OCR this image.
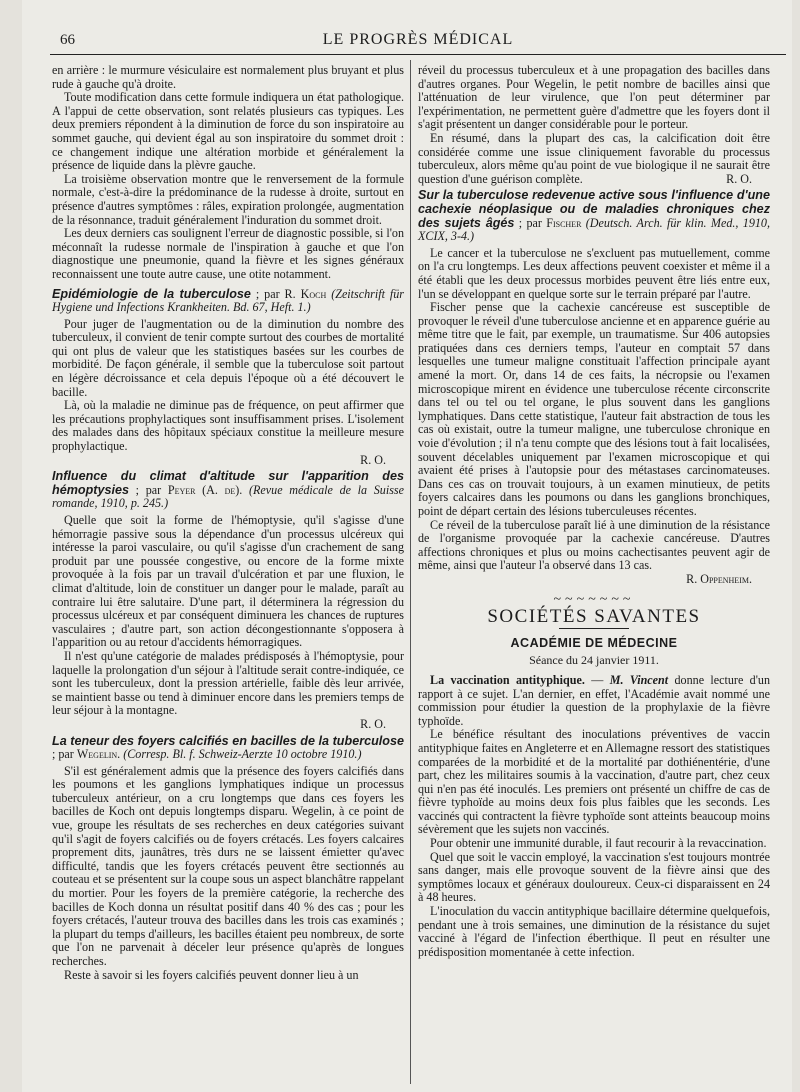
66	LE PROGRÈS MÉDICAL

en arrière : le murmure vésiculaire est normalement plus bruyant et plus rude à gauche qu'à droite.

Toute modification dans cette formule indiquera un état pathologique. A l'appui de cette observation, sont relatés plusieurs cas typiques. Les deux premiers répondent à la diminution de force du son inspiratoire au sommet gauche, qui devient égal au son inspiratoire du sommet droit : ce changement indique une altération morbide et généralement la présence de liquide dans la plèvre gauche.

La troisième observation montre que le renversement de la formule normale, c'est-à-dire la prédominance de la rudesse à droite, surtout en présence d'autres symptômes : râles, expiration prolongée, augmentation de la résonnance, traduit généralement l'induration du sommet droit.

Les deux derniers cas soulignent l'erreur de diagnostic possible, si l'on méconnaît la rudesse normale de l'inspiration à gauche et que l'on diagnostique une pneumonie, quand la fièvre et les signes généraux reconnaissent une toute autre cause, une otite notamment.

Epidémiologie de la tuberculose ; par R. Koch (Zeitschrift für Hygiene und Infections Krankheiten. Bd. 67, Heft. 1.)

Pour juger de l'augmentation ou de la diminution du nombre des tuberculeux, il convient de tenir compte surtout des courbes de mortalité qui ont plus de valeur que les statistiques basées sur les courbes de morbidité. De façon générale, il semble que la tuberculose soit partout en légère décroissance et cela depuis l'époque où a été découvert le bacille.

Là, où la maladie ne diminue pas de fréquence, on peut affirmer que les précautions prophylactiques sont insuffisamment prises. L'isolement des malades dans des hôpitaux spéciaux constitue la meilleure mesure prophylactique.

R. O.

Influence du climat d'altitude sur l'apparition des hémoptysies ; par Peyer (A. de). (Revue médicale de la Suisse romande, 1910, p. 245.)

Quelle que soit la forme de l'hémoptysie, qu'il s'agisse d'une hémorragie passive sous la dépendance d'un processus ulcéreux qui intéresse la paroi vasculaire, ou qu'il s'agisse d'un crachement de sang produit par une poussée congestive, ou encore de la forme mixte provoquée à la fois par un travail d'ulcération et par une fluxion, le climat d'altitude, loin de constituer un danger pour le malade, paraît au contraire lui être salutaire. D'une part, il déterminera la régression du processus ulcéreux et par conséquent diminuera les chances de ruptures vasculaires ; d'autre part, son action décongestionnante s'opposera à l'apparition ou au retour d'accidents hémorragiques.

Il n'est qu'une catégorie de malades prédisposés à l'hémoptysie, pour laquelle la prolongation d'un séjour à l'altitude serait contre-indiquée, ce sont les tuberculeux, dont la pression artérielle, faible dès leur arrivée, se maintient basse ou tend à diminuer encore dans les premiers temps de leur séjour à la montagne.

R. O.

La teneur des foyers calcifiés en bacilles de la tuberculose ; par Wegelin. (Corresp. Bl. f. Schweiz-Aerzte 10 octobre 1910.)

S'il est généralement admis que la présence des foyers calcifiés dans les poumons et les ganglions lymphatiques indique un processus tuberculeux antérieur, on a cru longtemps que dans ces foyers les bacilles de Koch ont depuis longtemps disparu. Wegelin, à ce point de vue, groupe les résultats de ses recherches en deux catégories suivant qu'il s'agit de foyers calcifiés ou de foyers crétacés. Les foyers calcaires proprement dits, jaunâtres, très durs ne se laissent émietter qu'avec difficulté, tandis que les foyers crétacés peuvent être sectionnés au couteau et se présentent sur la coupe sous un aspect blanchâtre rappelant du mortier. Pour les foyers de la première catégorie, la recherche des bacilles de Koch donna un résultat positif dans 40 % des cas ; pour les foyers crétacés, l'auteur trouva des bacilles dans les trois cas examinés ; la plupart du temps d'ailleurs, les bacilles étaient peu nombreux, de sorte que l'on ne parvenait à déceler leur présence qu'après de longues recherches.

Reste à savoir si les foyers calcifiés peuvent donner lieu à un

réveil du processus tuberculeux et à une propagation des bacilles dans d'autres organes. Pour Wegelin, le petit nombre de bacilles ainsi que l'atténuation de leur virulence, que l'on peut déterminer par l'expérimentation, ne permettent guère d'admettre que les foyers dont il s'agit présentent un danger considérable pour le porteur.

En résumé, dans la plupart des cas, la calcification doit être considérée comme une issue cliniquement favorable du processus tuberculeux, alors même qu'au point de vue biologique il ne saurait être question d'une guérison complète.	R. O.

Sur la tuberculose redevenue active sous l'influence d'une cachexie néoplasique ou de maladies chroniques chez des sujets âgés ; par Fischer (Deutsch. Arch. für klin. Med., 1910, XCIX, 3-4.)

Le cancer et la tuberculose ne s'excluent pas mutuellement, comme on l'a cru longtemps. Les deux affections peuvent coexister et même il a été établi que les deux processus morbides peuvent être liés entre eux, l'un se développant en quelque sorte sur le terrain préparé par l'autre.

Fischer pense que la cachexie cancéreuse est susceptible de provoquer le réveil d'une tuberculose ancienne et en apparence guérie au même titre que le fait, par exemple, un traumatisme. Sur 406 autopsies pratiquées dans ces derniers temps, l'auteur en comptait 57 dans lesquelles une tumeur maligne constituait l'affection principale ayant amené la mort. Or, dans 14 de ces faits, la nécropsie ou l'examen microscopique mirent en évidence une tuberculose récente circonscrite dans tel ou tel ou tel organe, le plus souvent dans les ganglions lymphatiques. Dans cette statistique, l'auteur fait abstraction de tous les cas où existait, outre la tumeur maligne, une tuberculose chronique en voie d'évolution ; il n'a tenu compte que des lésions tout à fait localisées, souvent décelables uniquement par l'examen microscopique et qui avaient été prises à l'autopsie pour des métastases carcinomateuses. Dans ces cas on trouvait toujours, à un examen minutieux, de petits foyers calcaires dans les poumons ou dans les ganglions bronchiques, point de départ certain des lésions tuberculeuses récentes.

Ce réveil de la tuberculose paraît lié à une diminution de la résistance de l'organisme provoquée par la cachexie cancéreuse. D'autres affections chroniques et plus ou moins cachectisantes peuvent agir de même, ainsi que l'auteur l'a observé dans 13 cas.

R. Oppenheim.
~~~~~~~
SOCIÉTÉS SAVANTES
ACADÉMIE DE MÉDECINE
Séance du 24 janvier 1911.

La vaccination antityphique. — M. Vincent donne lecture d'un rapport à ce sujet. L'an dernier, en effet, l'Académie avait nommé une commission pour étudier la question de la prophylaxie de la fièvre typhoïde.

Le bénéfice résultant des inoculations préventives de vaccin antityphique faites en Angleterre et en Allemagne ressort des statistiques comparées de la morbidité et de la mortalité par dothiénentérie, d'une part, chez les militaires soumis à la vaccination, d'autre part, chez ceux qui n'en pas été inoculés. Les premiers ont présenté un chiffre de cas de fièvre typhoïde au moins deux fois plus faibles que les seconds. Les vaccinés qui contractent la fièvre typhoïde sont atteints beaucoup moins sévèrement que les sujets non vaccinés.

Pour obtenir une immunité durable, il faut recourir à la revaccination.

Quel que soit le vaccin employé, la vaccination s'est toujours montrée sans danger, mais elle provoque souvent de la fièvre ainsi que des symptômes locaux et généraux douloureux. Ceux-ci disparaissent en 24 à 48 heures.

L'inoculation du vaccin antityphique bacillaire détermine quelquefois, pendant une à trois semaines, une diminution de la résistance du sujet vacciné à l'égard de l'infection éberthique. Il peut en résulter une prédisposition momentanée à cette infection.
